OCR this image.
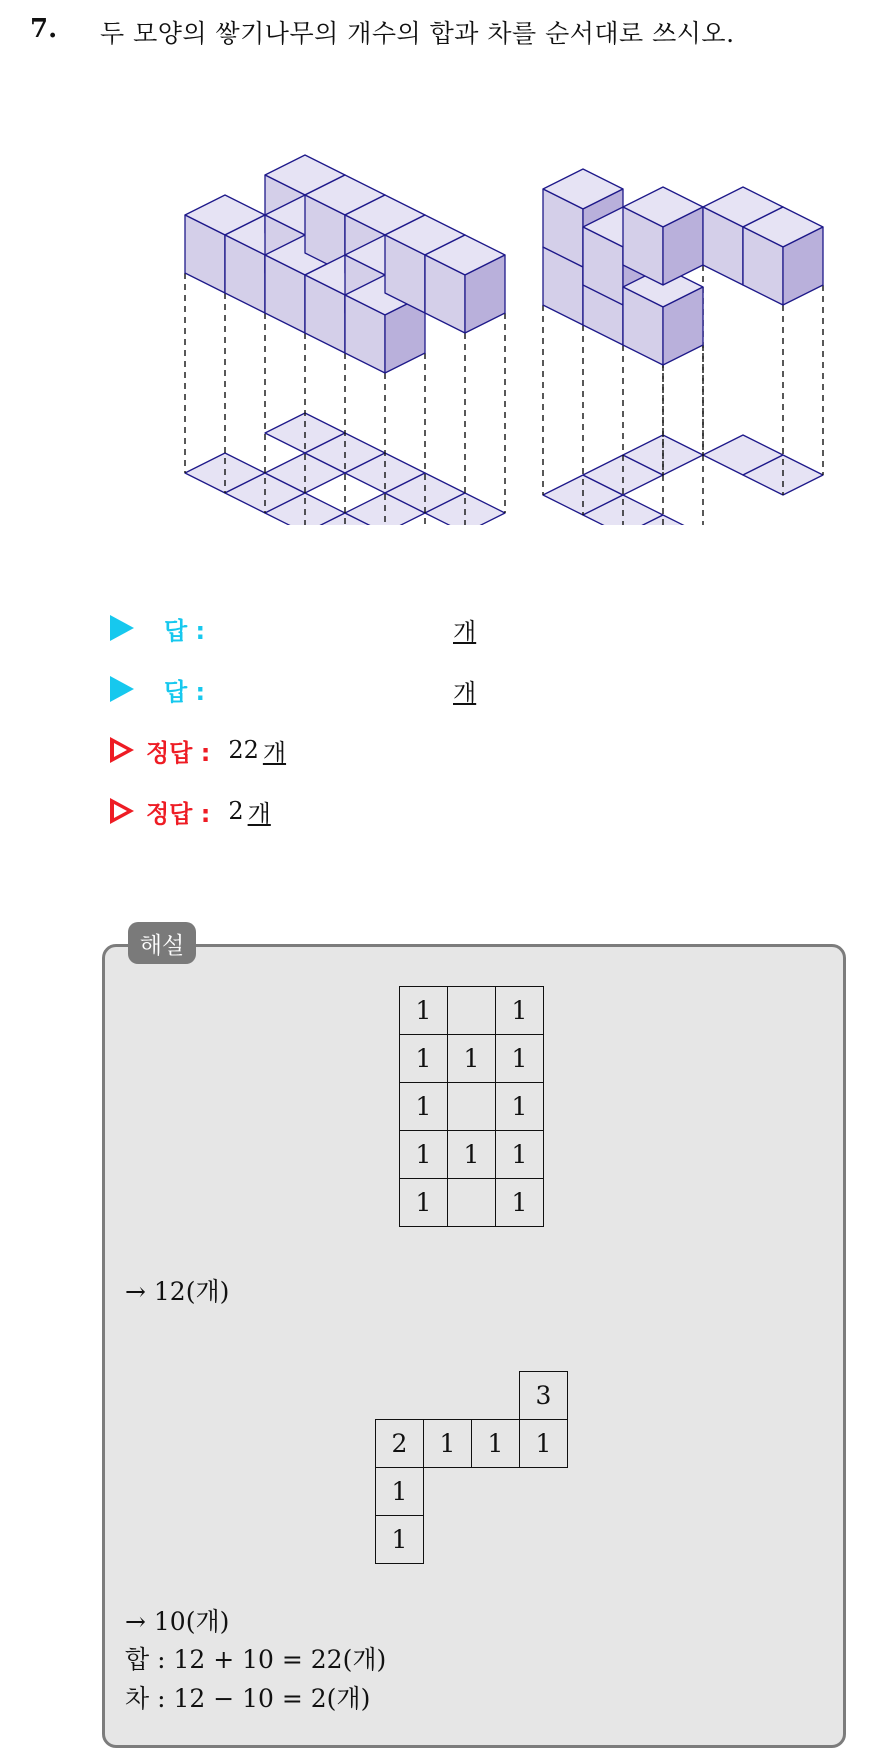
7. 두 모양의 쌓기나무의 개수의 합과 차를 순서대로 쓰시오.
답 :	개
답 :	개
정답 : 22 개
정답 : 2 개
해설
1		1
1	1	1
1		1
1	1	1
1		1
→ 12(개)
			3
2	1	1	1
1			
1			
→ 10(개)
합 : 12 + 10 = 22(개)
차 : 12 − 10 = 2(개)
